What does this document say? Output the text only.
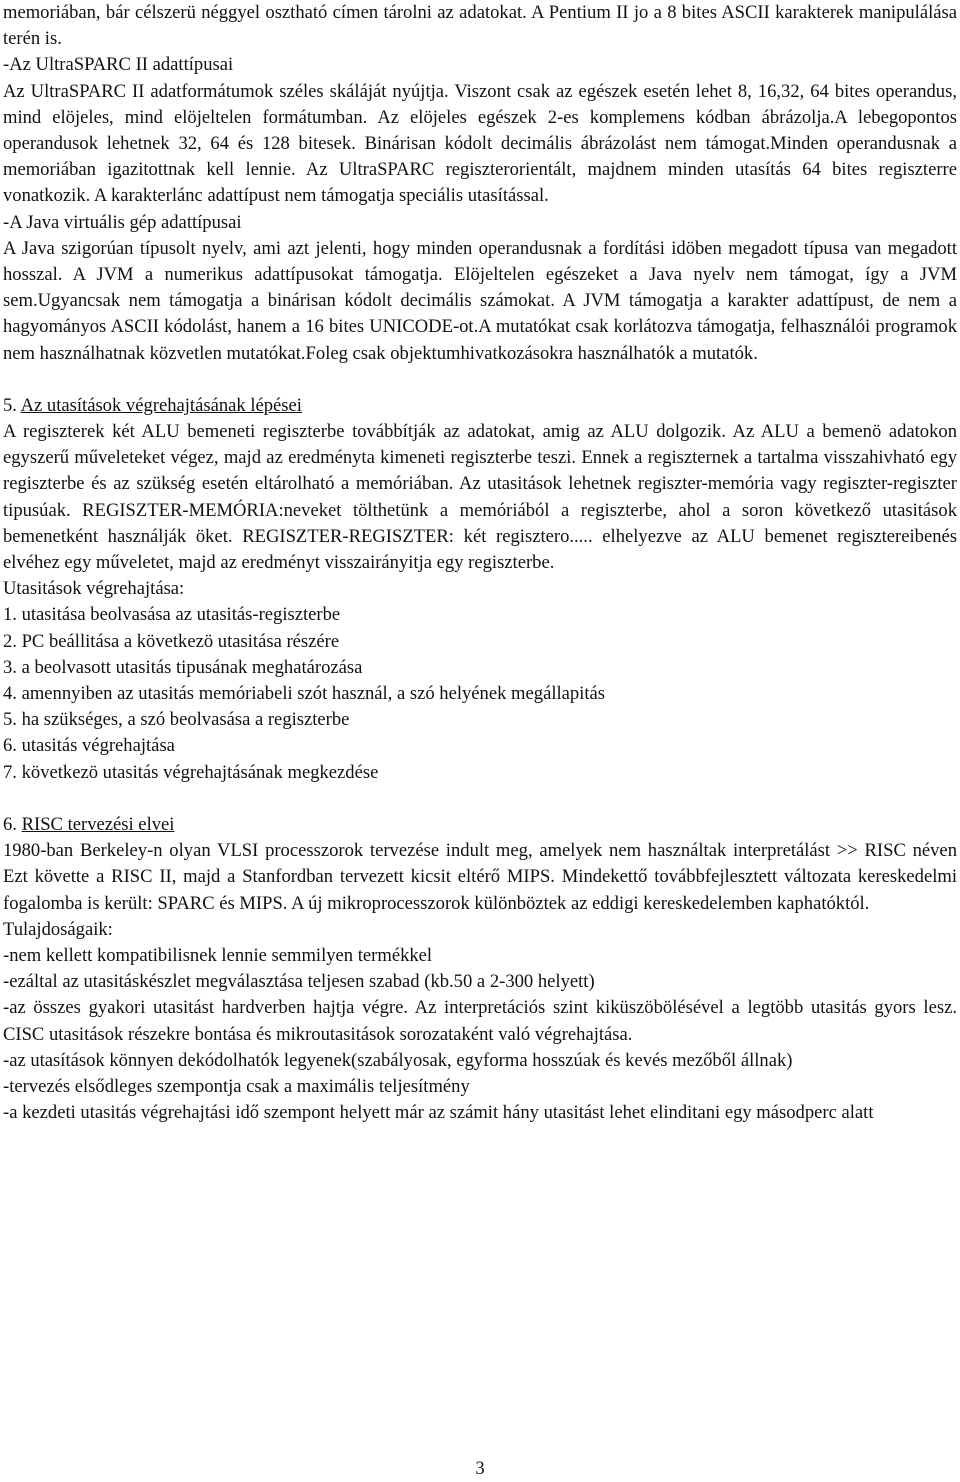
memoriában, bár célszerü néggyel osztható címen tárolni az adatokat. A Pentium II jo a 8 bites ASCII karakterek manipulálása terén is.

-Az UltraSPARC II adattípusai

Az UltraSPARC II adatformátumok széles skáláját nyújtja. Viszont csak az egészek esetén lehet 8, 16,32, 64 bites operandus, mind elöjeles, mind elöjeltelen formátumban. Az elöjeles egészek 2-es komplemens kódban ábrázolja.A lebegopontos operandusok lehetnek 32, 64 és 128 bitesek. Binárisan kódolt decimális ábrázolást nem támogat.Minden operandusnak a memoriában igazitottnak kell lennie. Az UltraSPARC regiszterorientált, majdnem minden utasítás 64 bites regiszterre vonatkozik. A karakterlánc adattípust nem támogatja speciális utasítással.

-A Java virtuális gép adattípusai

A Java szigorúan típusolt nyelv, ami azt jelenti, hogy minden operandusnak a fordítási idöben megadott típusa van megadott hosszal. A JVM a numerikus adattípusokat támogatja. Elöjeltelen egészeket a Java nyelv nem támogat, így a JVM sem.Ugyancsak nem támogatja a binárisan kódolt decimális számokat. A JVM támogatja a karakter adattípust, de nem a hagyományos ASCII kódolást, hanem a 16 bites UNICODE-ot.A mutatókat csak korlátozva támogatja, felhasználói programok nem használhatnak közvetlen mutatókat.Foleg csak objektumhivatkozásokra használhatók a mutatók.

5. Az utasítások végrehajtásának lépései

A regiszterek két ALU bemeneti regiszterbe továbbítják az adatokat, amig az ALU dolgozik. Az ALU a bemenö adatokon egyszerű műveleteket végez, majd az eredményta kimeneti regiszterbe teszi. Ennek a regiszternek a tartalma visszahivható egy regiszterbe és az szükség esetén eltárolható a memóriában. Az utasitások lehetnek regiszter-memória vagy regiszter-regiszter tipusúak. REGISZTER-MEMÓRIA:neveket tölthetünk a memóriából a regiszterbe, ahol a soron következő utasitások bemenetként használják öket. REGISZTER-REGISZTER: két regisztero..... elhelyezve az ALU bemenet regisztereibenés elvéhez egy műveletet, majd az eredményt visszairányitja egy regiszterbe.

Utasitások végrehajtása:

1. utasitása beolvasása az utasitás-regiszterbe

2. PC beállitása a következö utasitása részére

3. a beolvasott utasitás tipusának meghatározása

4. amennyiben az utasitás memóriabeli szót használ, a szó helyének megállapitás

5. ha szükséges, a szó beolvasása a regiszterbe

6. utasitás végrehajtása

7. következö utasitás végrehajtásának megkezdése

6. RISC tervezési elvei

1980-ban Berkeley-n olyan VLSI processzorok tervezése indult meg, amelyek nem használtak interpretálást >> RISC néven Ezt követte a RISC II, majd a Stanfordban tervezett kicsit eltérő MIPS. Mindekettő továbbfejlesztett változata kereskedelmi fogalomba is került: SPARC és MIPS. A új mikroprocesszorok különböztek az eddigi kereskedelemben kaphatóktól.

Tulajdoságaik:

-nem kellett kompatibilisnek lennie semmilyen termékkel

-ezáltal az utasitáskészlet megválasztása teljesen szabad (kb.50 a 2-300 helyett)

-az összes gyakori utasitást hardverben hajtja végre. Az interpretációs szint kiküszöbölésével a legtöbb utasitás gyors lesz. CISC utasitások részekre bontása és mikroutasitások sorozataként való végrehajtása.

-az utasítások könnyen dekódolhatók legyenek(szabályosak, egyforma hosszúak és kevés mezőből állnak)

-tervezés elsődleges szempontja csak a maximális teljesítmény

-a kezdeti utasitás végrehajtási idő szempont helyett már az számit hány utasitást lehet elinditani egy másodperc alatt

3
